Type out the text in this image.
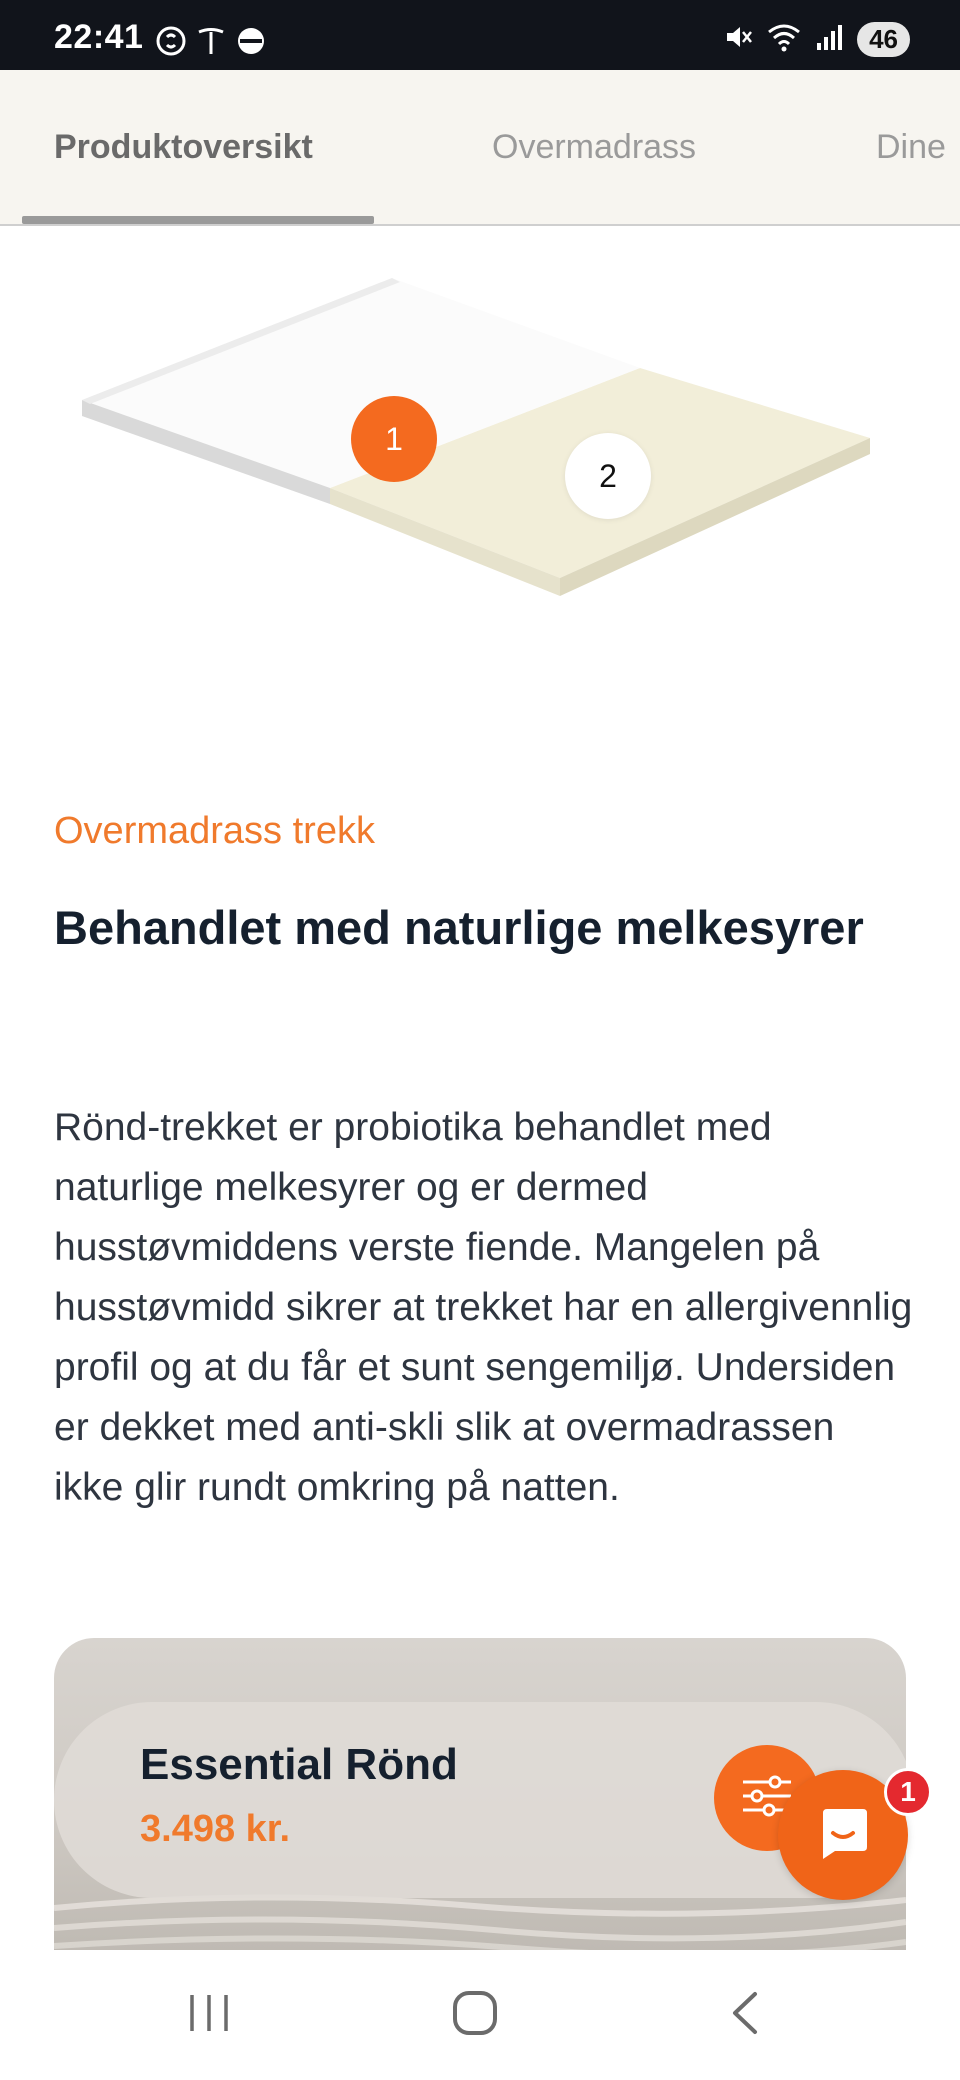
22:41	46
Produktoversikt	Overmadrass	Dine
1
2
Overmadrass trekk
Behandlet med naturlige melkesyrer

Rönd-trekket er probiotika behandlet med naturlige melkesyrer og er dermed husstøvmiddens verste fiende. Mangelen på husstøvmidd sikrer at trekket har en allergivennlig profil og at du får et sunt sengemiljø. Undersiden er dekket med anti-skli slik at overmadrassen ikke glir rundt omkring på natten.

Essential Rönd
3.498 kr.
1
